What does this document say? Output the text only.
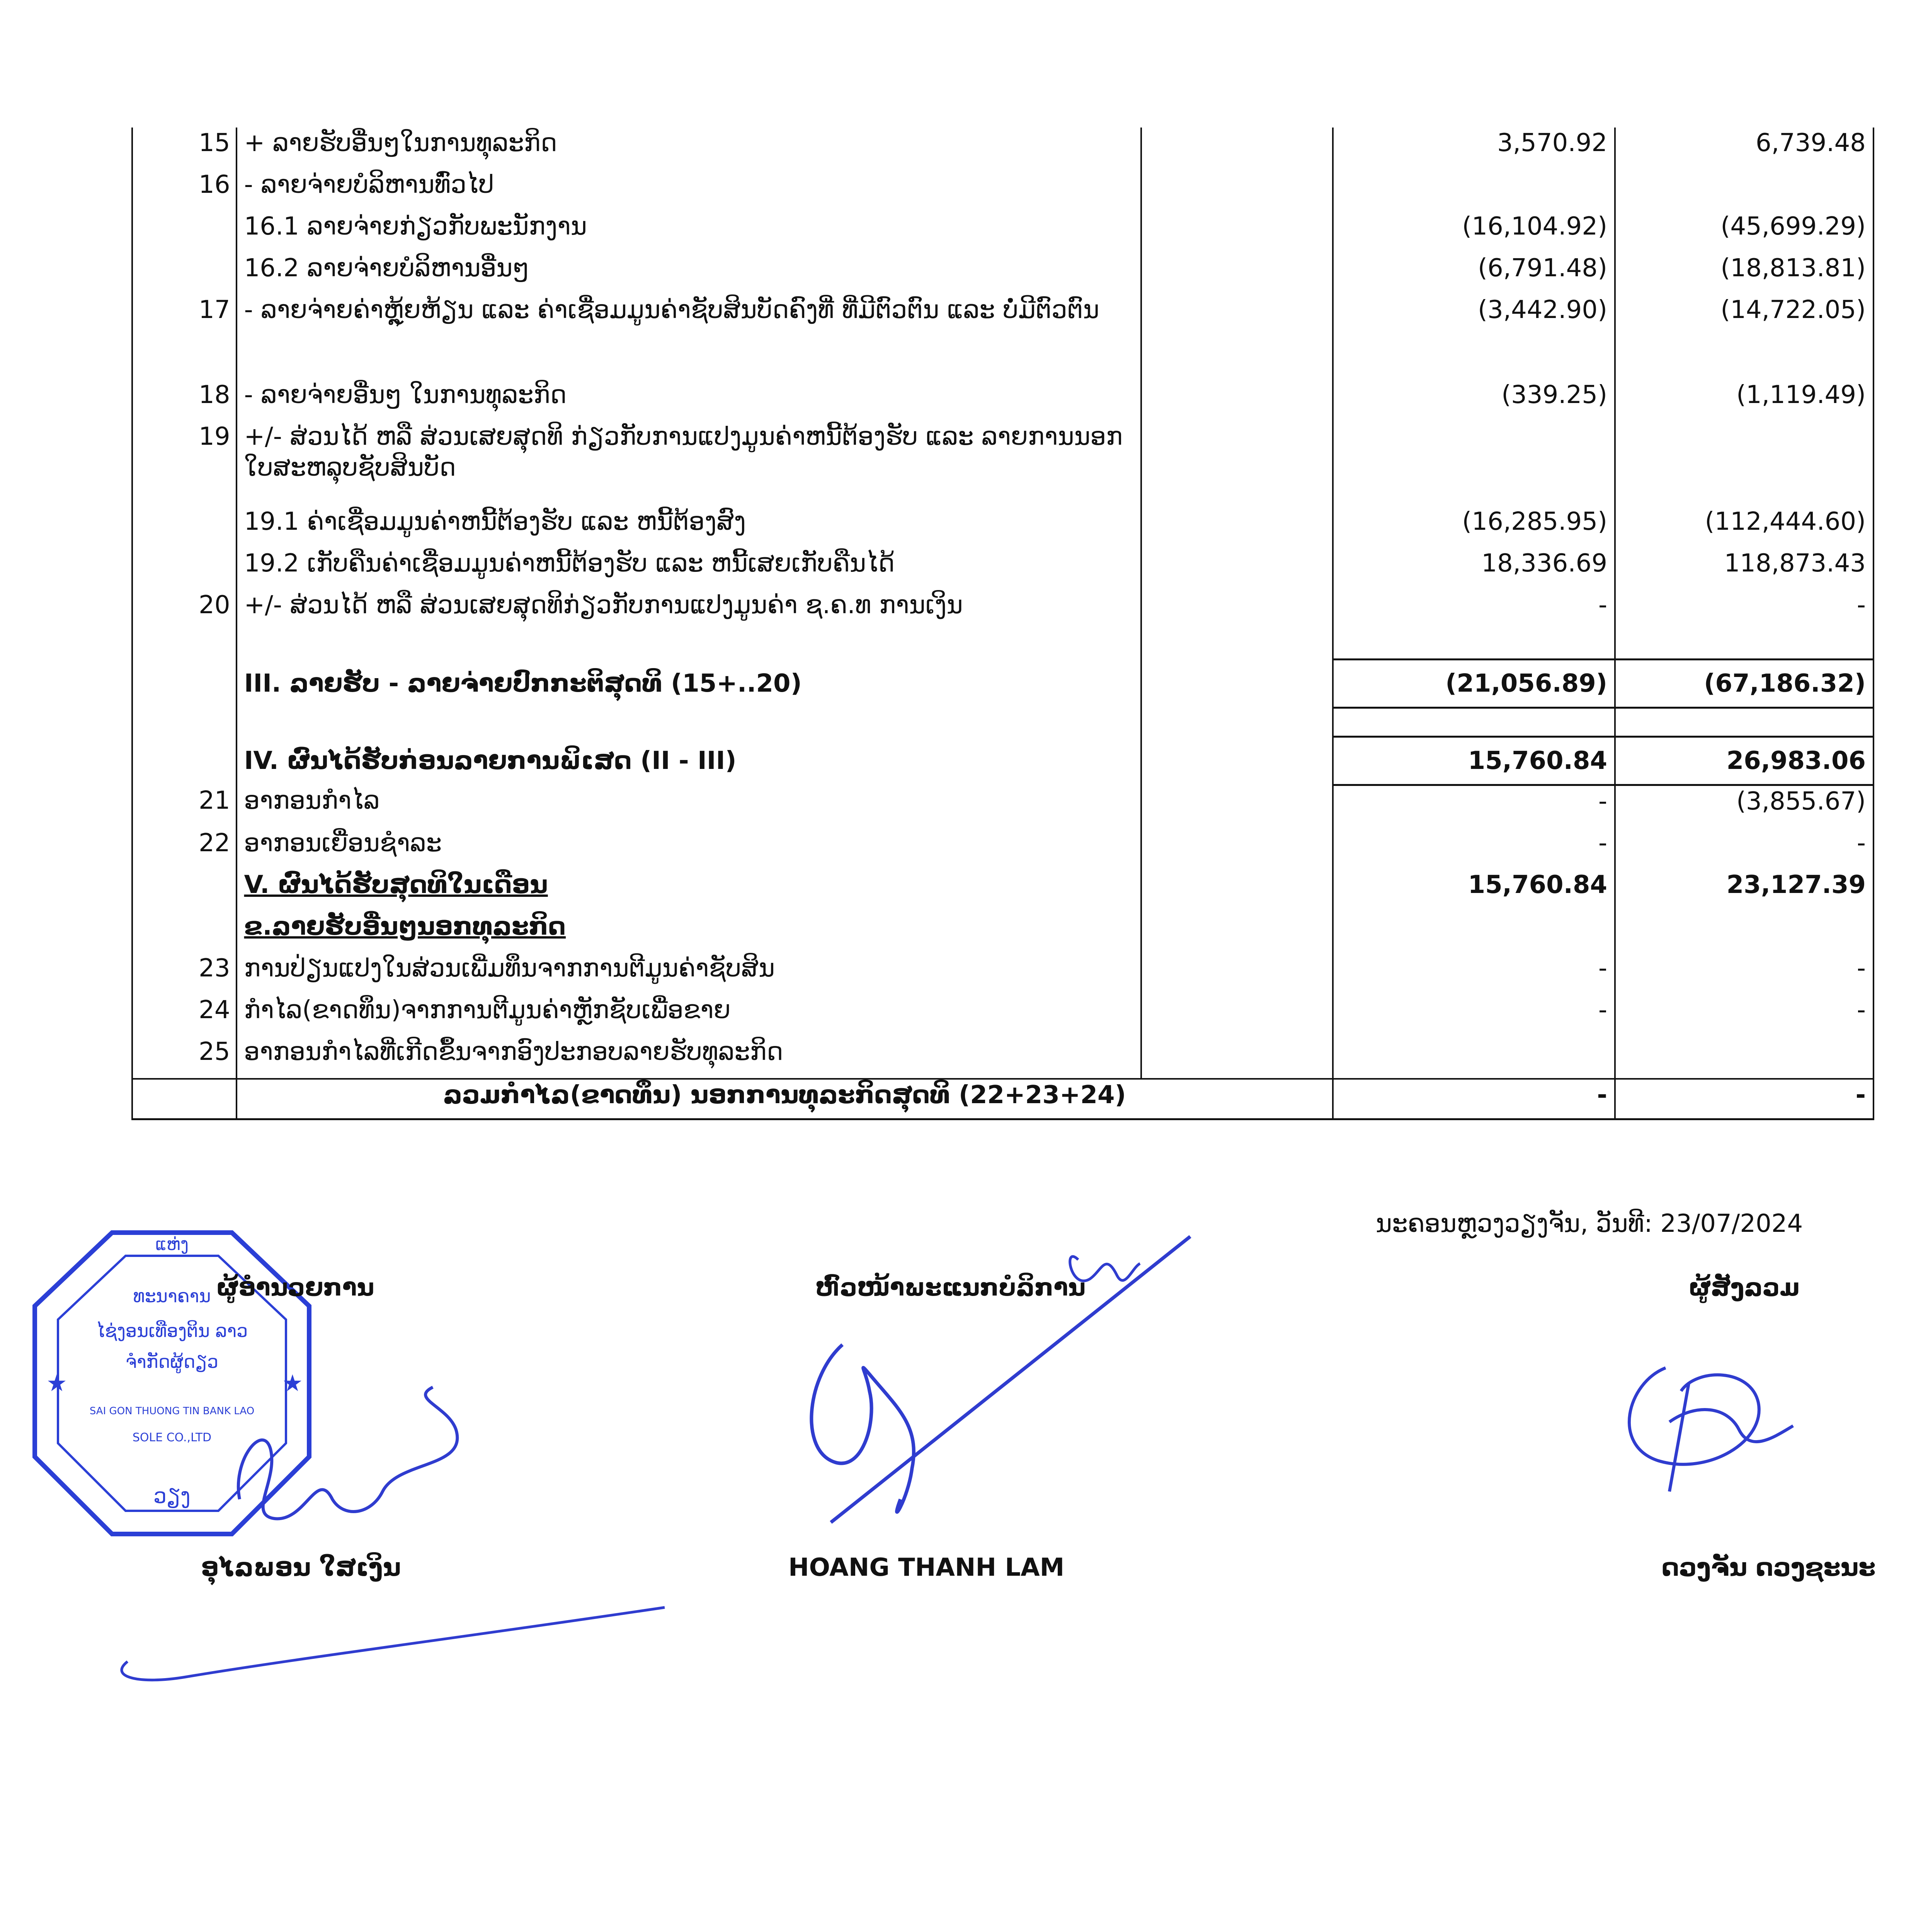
15	+ ລາຍຮັບອື່ນໆໃນການທຸລະກິດ		3,570.92	6,739.48
16	- ລາຍຈ່າຍບໍລິຫານທົ່ວໄປ			
	16.1 ລາຍຈ່າຍກ່ຽວກັບພະນັກງານ		(16,104.92)	(45,699.29)
	16.2 ລາຍຈ່າຍບໍລິຫານອື່ນໆ		(6,791.48)	(18,813.81)
17	- ລາຍຈ່າຍຄ່າຫຼຸ້ຍຫ້ຽນ ແລະ ຄ່າເຊື່ອມມູນຄ່າຊັບສິນບັດຄົງທີ່ ທີ່ມີຕົວຕົນ ແລະ ບໍ່ມີຕົວຕົນ		(3,442.90)	(14,722.05)
18	- ລາຍຈ່າຍອື່ນໆ ໃນການທຸລະກິດ		(339.25)	(1,119.49)
19	+/- ສ່ວນໄດ້ ຫລື ສ່ວນເສຍສຸດທິ ກ່ຽວກັບການແປງມູນຄ່າຫນີ້ຕ້ອງຮັບ ແລະ ລາຍການນອກໃບສະຫລຸບຊັບສິນບັດ			
	19.1 ຄ່າເຊື່ອມມູນຄ່າຫນີ້ຕ້ອງຮັບ ແລະ ຫນີ້ຕ້ອງສົງ		(16,285.95)	(112,444.60)
	19.2 ເກັບຄືນຄ່າເຊື່ອມມູນຄ່າຫນີ້ຕ້ອງຮັບ ແລະ ຫນີ້ເສຍເກັບຄືນໄດ້		18,336.69	118,873.43
20	+/- ສ່ວນໄດ້ ຫລື ສ່ວນເສຍສຸດທິກ່ຽວກັບການແປງມູນຄ່າ ຊ.ຄ.ທ ການເງິນ		-	-

	III. ລາຍຮັບ - ລາຍຈ່າຍປົກກະຕິສຸດທິ (15+..20)		(21,056.89)	(67,186.32)

	IV. ຜົນໄດ້ຮັບກ່ອນລາຍການພິເສດ (II - III)		15,760.84	26,983.06
21	ອາກອນກຳໄລ		-	(3,855.67)
22	ອາກອນເຍື່ອນຊຳລະ		-	-
	V. ຜົນໄດ້ຮັບສຸດທິໃນເດືອນ		15,760.84	23,127.39
	ຂ.ລາຍຮັບອື່ນໆນອກທຸລະກິດ			
23	ການປ່ຽນແປງໃນສ່ວນເພີ່ມທຶນຈາກການຕີມູນຄ່າຊັບສິນ		-	-
24	ກຳໄລ(ຂາດທຶນ)ຈາກການຕີມູນຄ່າຫຼັກຊັບເພື່ອຂາຍ		-	-
25	ອາກອນກຳໄລທີ່ເກີດຂຶ້ນຈາກອົງປະກອບລາຍຮັບທຸລະກິດ			
	ລວມກຳໄລ(ຂາດທຶນ) ນອກການທຸລະກິດສຸດທິ (22+23+24)		-	-
ນະຄອນຫຼວງວຽງຈັນ, ວັນທີ: 23/07/2024
ແຫ່ງ
ທະນາຄານ
ໄຊ່ງອນເທືອງຕິນ ລາວ
ຈຳກັດຜູ້ດຽວ
SAI GON THUONG TIN BANK LAO
SOLE CO.,LTD
ວຽງ
★	★
ຜູ້ອຳນວຍການ	ຫົວໜ້າພະແນກບໍລິການ	ຜູ້ສັງລວມ
ອຸໄລພອນ ໃສເງິນ	HOANG THANH LAM	ດວງຈັນ ດວງຊະນະ
